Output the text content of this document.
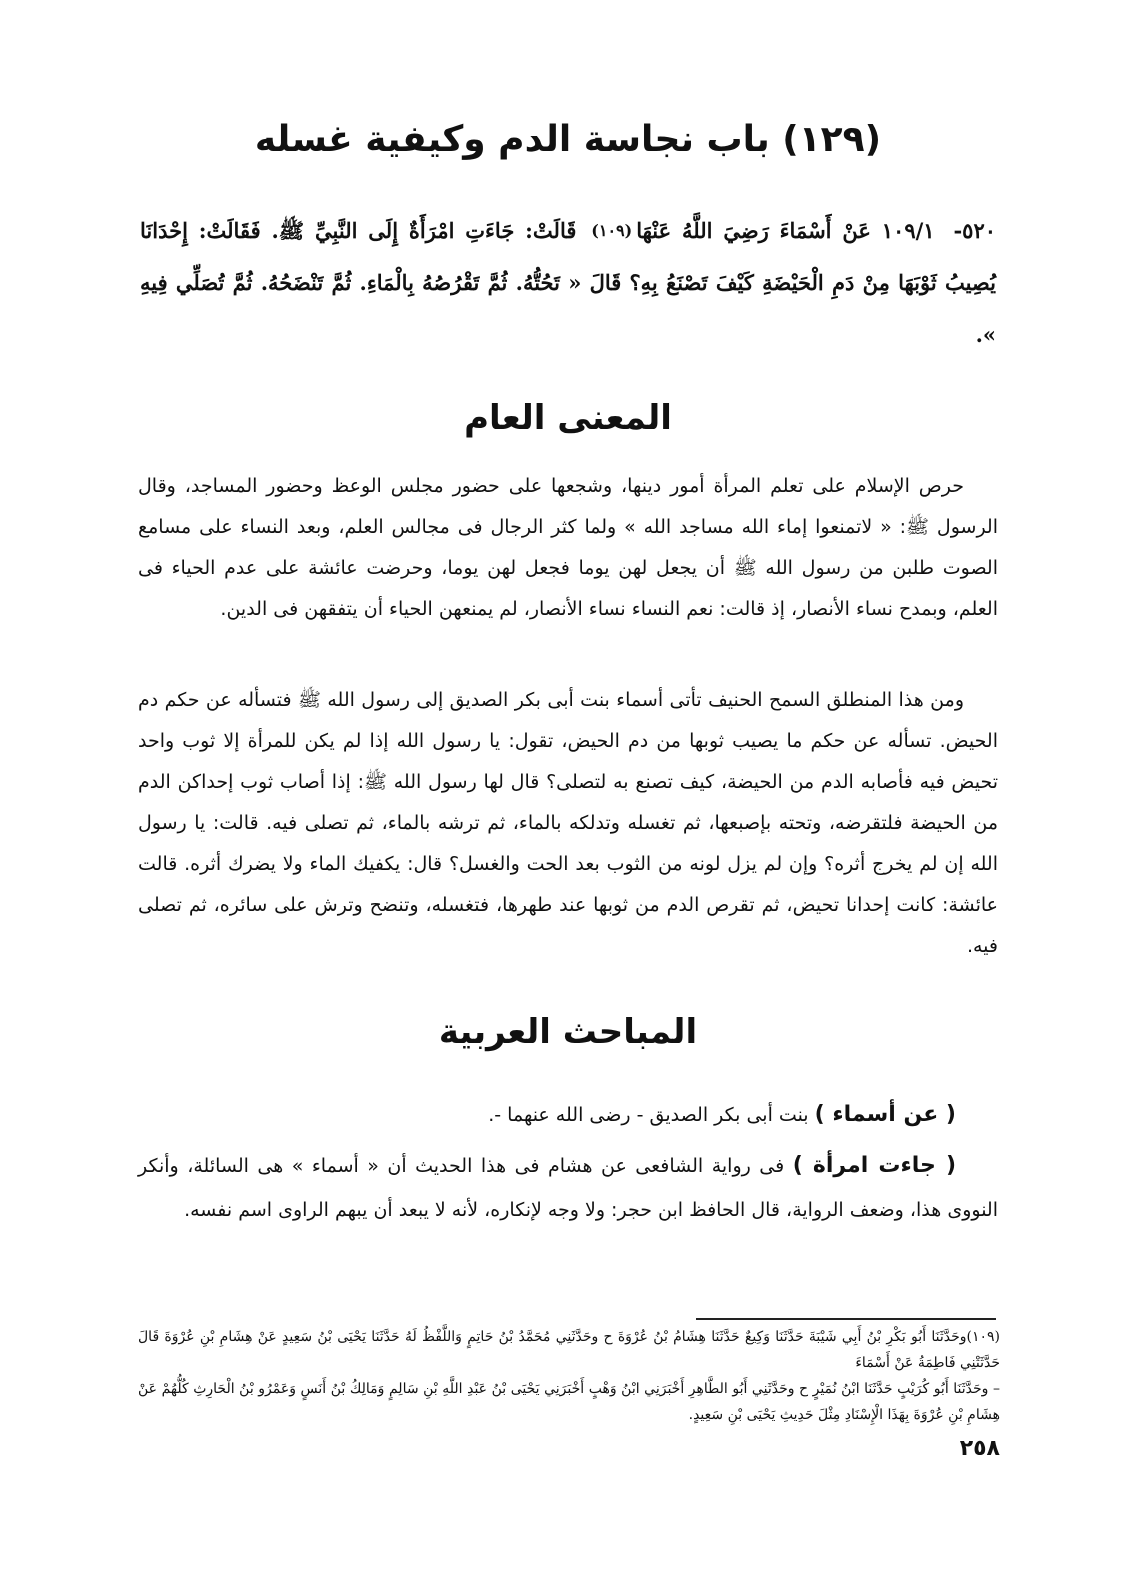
(١٢٩) باب نجاسة الدم وكيفية غسله
٥٢٠- ١٠٩/١ عَنْ أَسْمَاءَ رَضِيَ اللَّهُ عَنْهَا$^{(١٠٩)}$ قَالَتْ: جَاءَتِ امْرَأَةٌ إِلَى النَّبِيِّ ﷺ. فَقَالَتْ: إِحْدَانَا يُصِيبُ ثَوْبَهَا مِنْ دَمِ الْحَيْضَةِ كَيْفَ تَصْنَعُ بِهِ؟ قَالَ « تَحُتُّهُ. ثُمَّ تَقْرُصُهُ بِالْمَاءِ. ثُمَّ تَنْضَحُهُ. ثُمَّ تُصَلِّي فِيهِ ».
المعنى العام
حرص الإسلام على تعلم المرأة أمور دينها، وشجعها على حضور مجلس الوعظ وحضور المساجد، وقال الرسول ﷺ: « لاتمنعوا إماء الله مساجد الله » ولما كثر الرجال فى مجالس العلم، وبعد النساء على مسامع الصوت طلبن من رسول الله ﷺ أن يجعل لهن يوما فجعل لهن يوما، وحرضت عائشة على عدم الحياء فى العلم، وبمدح نساء الأنصار، إذ قالت: نعم النساء نساء الأنصار، لم يمنعهن الحياء أن يتفقهن فى الدين.
ومن هذا المنطلق السمح الحنيف تأتى أسماء بنت أبى بكر الصديق إلى رسول الله ﷺ فتسأله عن حكم دم الحيض. تسأله عن حكم ما يصيب ثوبها من دم الحيض، تقول: يا رسول الله إذا لم يكن للمرأة إلا ثوب واحد تحيض فيه فأصابه الدم من الحيضة، كيف تصنع به لتصلى؟ قال لها رسول الله ﷺ: إذا أصاب ثوب إحداكن الدم من الحيضة فلتقرضه، وتحته بإصبعها، ثم تغسله وتدلكه بالماء، ثم ترشه بالماء، ثم تصلى فيه. قالت: يا رسول الله إن لم يخرج أثره؟ وإن لم يزل لونه من الثوب بعد الحت والغسل؟ قال: يكفيك الماء ولا يضرك أثره. قالت عائشة: كانت إحدانا تحيض، ثم تقرص الدم من ثوبها عند طهرها، فتغسله، وتنضح وترش على سائره، ثم تصلى فيه.
المباحث العربية
( عن أسماء ) بنت أبى بكر الصديق - رضى الله عنهما -.
( جاءت امرأة ) فى رواية الشافعى عن هشام فى هذا الحديث أن « أسماء » هى السائلة، وأنكر النووى هذا، وضعف الرواية، قال الحافظ ابن حجر: ولا وجه لإنكاره، لأنه لا يبعد أن يبهم الراوى اسم نفسه.

(١٠٩)وحَدَّثَنَا أَبُو بَكْرِ بْنُ أَبِي شَيْبَةَ حَدَّثَنَا وَكِيعٌ حَدَّثَنَا هِشَامُ بْنُ عُرْوَةَ ح وحَدَّثَنِي مُحَمَّدُ بْنُ حَاتِمٍ وَاللَّفْظُ لَهُ حَدَّثَنَا يَحْيَى بْنُ سَعِيدٍ عَنْ هِشَامِ بْنِ عُرْوَةَ قَالَ حَدَّثَتْنِي فَاطِمَةُ عَنْ أَسْمَاءَ

– وحَدَّثَنَا أَبُو كُرَيْبٍ حَدَّثَنَا ابْنُ نُمَيْرٍ ح وحَدَّثَنِي أَبُو الطَّاهِرِ أَخْبَرَنِي ابْنُ وَهْبٍ أَخْبَرَنِي يَحْيَى بْنُ عَبْدِ اللَّهِ بْنِ سَالِمٍ وَمَالِكُ بْنُ أَنَسٍ وَعَمْرُو بْنُ الْحَارِثِ كُلُّهُمْ عَنْ هِشَامِ بْنِ عُرْوَةَ بِهَذَا الْإِسْنَادِ مِثْلَ حَدِيثِ يَحْيَى بْنِ سَعِيدٍ.

٢٥٨
